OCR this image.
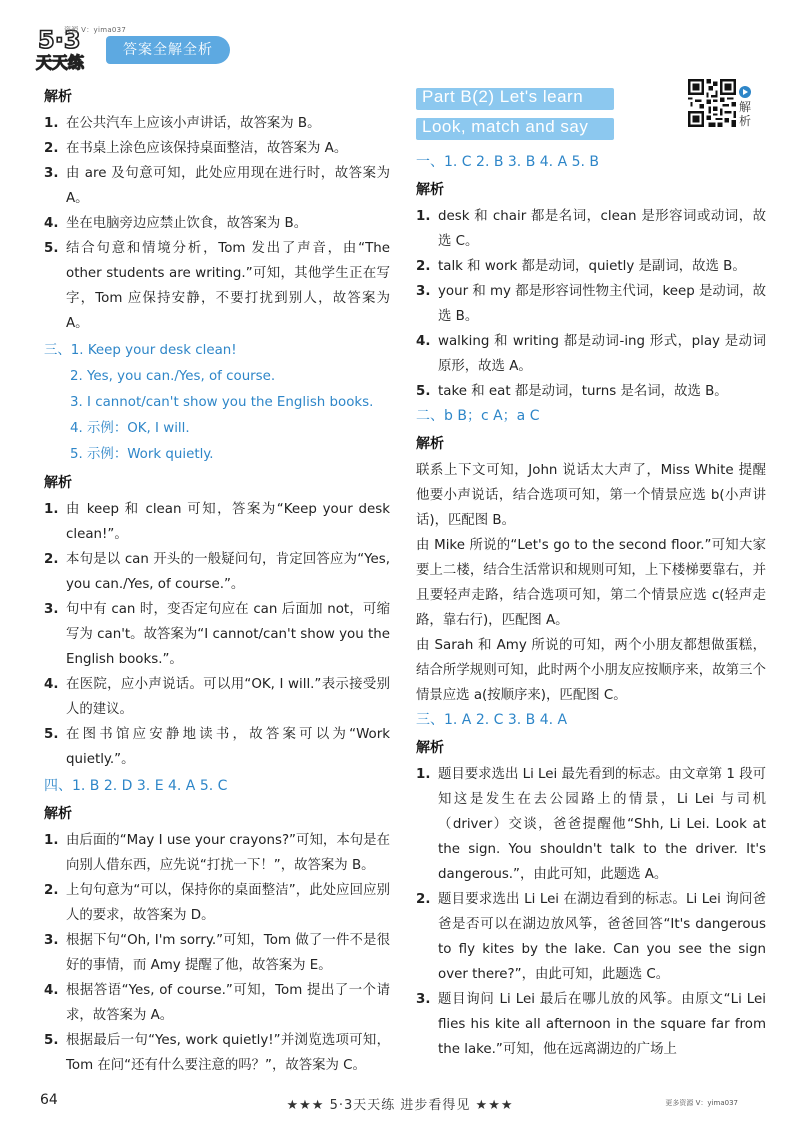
5·3
天天练
资源 V：yima037
答案全解全析
解析
1. 在公共汽车上应该小声讲话，故答案为 B。
2. 在书桌上涂色应该保持桌面整洁，故答案为 A。
3. 由 are 及句意可知，此处应用现在进行时，故答案为 A。
4. 坐在电脑旁边应禁止饮食，故答案为 B。
5. 结合句意和情境分析，Tom 发出了声音，由“The other students are writing.”可知，其他学生正在写字，Tom 应保持安静，不要打扰到别人，故答案为 A。
三、1. Keep your desk clean!
2. Yes, you can./Yes, of course.
3. I cannot/can't show you the English books.
4. 示例：OK, I will.
5. 示例：Work quietly.
解析
1. 由 keep 和 clean 可知，答案为“Keep your desk clean!”。
2. 本句是以 can 开头的一般疑问句，肯定回答应为“Yes, you can./Yes, of course.”。
3. 句中有 can 时，变否定句应在 can 后面加 not，可缩写为 can't。故答案为“I cannot/can't show you the English books.”。
4. 在医院，应小声说话。可以用“OK, I will.”表示接受别人的建议。
5. 在图书馆应安静地读书，故答案可以为“Work quietly.”。
四、1. B 2. D 3. E 4. A 5. C
解析
1. 由后面的“May I use your crayons?”可知，本句是在向别人借东西，应先说“打扰一下！”，故答案为 B。
2. 上句句意为“可以，保持你的桌面整洁”，此处应回应别人的要求，故答案为 D。
3. 根据下句“Oh, I'm sorry.”可知，Tom 做了一件不是很好的事情，而 Amy 提醒了他，故答案为 E。
4. 根据答语“Yes, of course.”可知，Tom 提出了一个请求，故答案为 A。
5. 根据最后一句“Yes, work quietly!”并浏览选项可知，Tom 在问“还有什么要注意的吗？”，故答案为 C。
Part B(2) Let's learn
Look, match and say
解析
一、1. C 2. B 3. B 4. A 5. B
解析
1. desk 和 chair 都是名词，clean 是形容词或动词，故选 C。
2. talk 和 work 都是动词，quietly 是副词，故选 B。
3. your 和 my 都是形容词性物主代词，keep 是动词，故选 B。
4. walking 和 writing 都是动词-ing 形式，play 是动词原形，故选 A。
5. take 和 eat 都是动词，turns 是名词，故选 B。
二、b B；c A；a C
解析
联系上下文可知，John 说话太大声了，Miss White 提醒他要小声说话，结合选项可知，第一个情景应选 b(小声讲话)，匹配图 B。
由 Mike 所说的“Let's go to the second floor.”可知大家要上二楼，结合生活常识和规则可知，上下楼梯要靠右，并且要轻声走路，结合选项可知，第二个情景应选 c(轻声走路，靠右行)，匹配图 A。
由 Sarah 和 Amy 所说的可知，两个小朋友都想做蛋糕，结合所学规则可知，此时两个小朋友应按顺序来，故第三个情景应选 a(按顺序来)，匹配图 C。
三、1. A 2. C 3. B 4. A
解析
1. 题目要求选出 Li Lei 最先看到的标志。由文章第 1 段可知这是发生在去公园路上的情景，Li Lei 与司机（driver）交谈，爸爸提醒他“Shh, Li Lei. Look at the sign. You shouldn't talk to the driver. It's dangerous.”，由此可知，此题选 A。
2. 题目要求选出 Li Lei 在湖边看到的标志。Li Lei 询问爸爸是否可以在湖边放风筝，爸爸回答“It's dangerous to fly kites by the lake. Can you see the sign over there?”，由此可知，此题选 C。
3. 题目询问 Li Lei 最后在哪儿放的风筝。由原文“Li Lei flies his kite all afternoon in the square far from the lake.”可知，他在远离湖边的广场上
64	★★★ 5·3天天练 进步看得见 ★★★	更多资源 V：yima037
